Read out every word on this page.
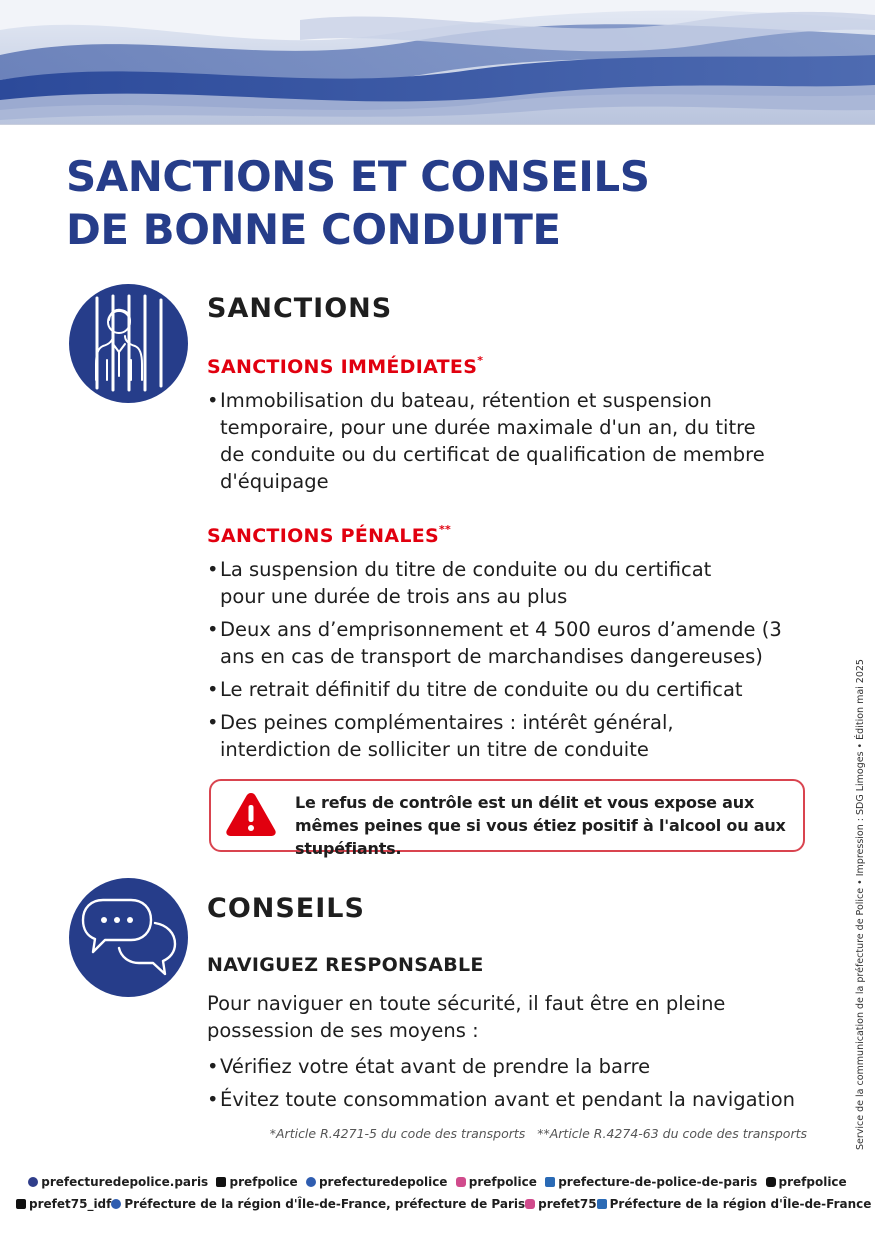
SANCTIONS ET CONSEILS
DE BONNE CONDUITE
SANCTIONS
SANCTIONS IMMÉDIATES*
• Immobilisation du bateau, rétention et suspension temporaire, pour une durée maximale d'un an, du titre de conduite ou du certificat de qualification de membre d'équipage
SANCTIONS PÉNALES**
• La suspension du titre de conduite ou du certificat pour une durée de trois ans au plus
• Deux ans d’emprisonnement et 4 500 euros d’amende (3 ans en cas de transport de marchandises dangereuses)
• Le retrait définitif du titre de conduite ou du certificat
• Des peines complémentaires : intérêt général, interdiction de solliciter un titre de conduite

Le refus de contrôle est un délit et vous expose aux mêmes peines que si vous étiez positif à l'alcool ou aux stupéfiants.

CONSEILS
NAVIGUEZ RESPONSABLE

Pour naviguer en toute sécurité, il faut être en pleine possession de ses moyens :

• Vérifiez votre état avant de prendre la barre
• Évitez toute consommation avant et pendant la navigation

*Article R.4271-5 du code des transports   **Article R.4274-63 du code des transports	Service de la communication de la préfecture de Police • Impression : SDG Limoges • Édition mai 2025
prefecturedepolice.paris prefpolice prefecturedepolice prefpolice prefecture-de-police-de-paris prefpolice
prefet75_idf Préfecture de la région d'Île-de-France, préfecture de Paris prefet75 Préfecture de la région d'Île-de-France
